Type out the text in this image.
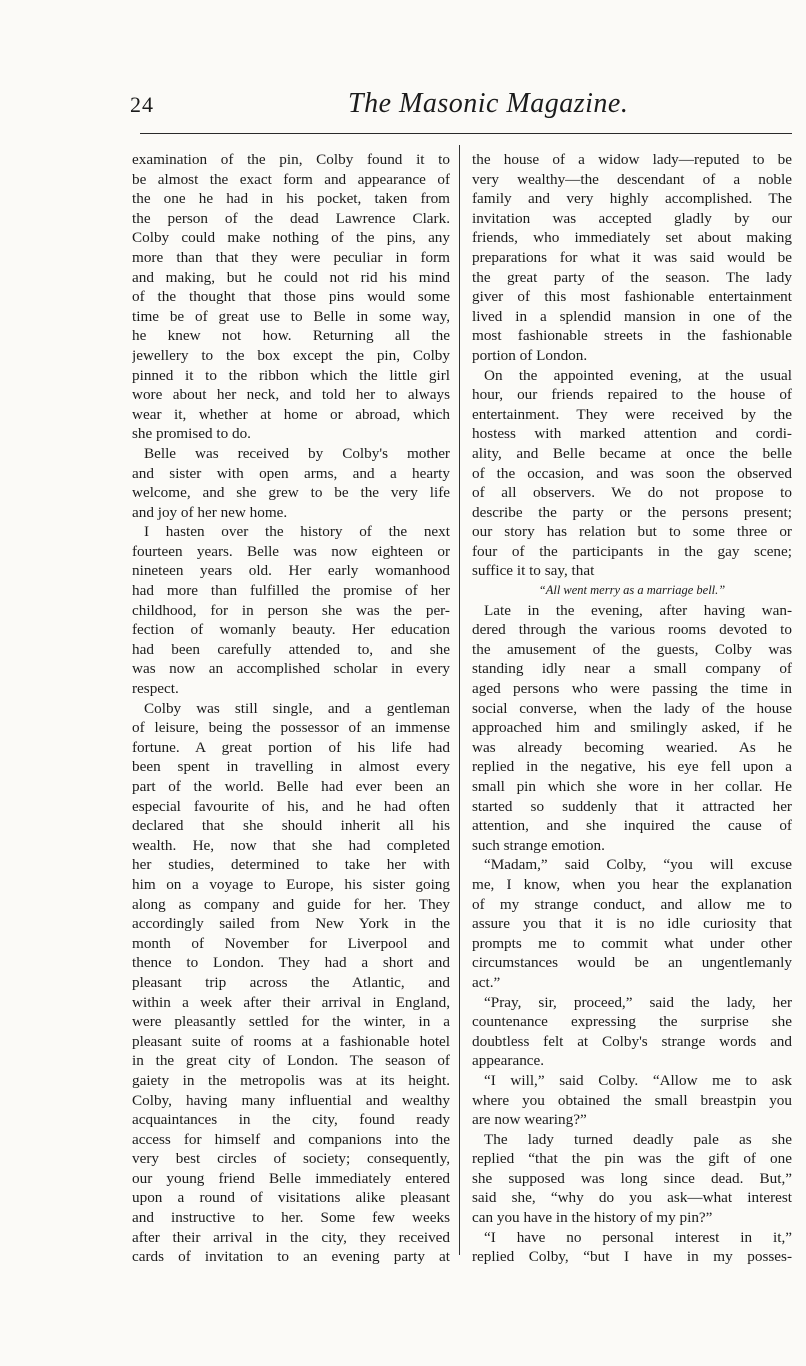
24	The Masonic Magazine.
examination of the pin, Colby found it to
be almost the exact form and appearance of
the one he had in his pocket, taken from
the person of the dead Lawrence Clark.
Colby could make nothing of the pins, any
more than that they were peculiar in form
and making, but he could not rid his mind
of the thought that those pins would some
time be of great use to Belle in some way,
he knew not how. Returning all the
jewellery to the box except the pin, Colby
pinned it to the ribbon which the little girl
wore about her neck, and told her to always
wear it, whether at home or abroad, which
she promised to do.
Belle was received by Colby's mother
and sister with open arms, and a hearty
welcome, and she grew to be the very life
and joy of her new home.
I hasten over the history of the next
fourteen years. Belle was now eighteen or
nineteen years old. Her early womanhood
had more than fulfilled the promise of her
childhood, for in person she was the per-
fection of womanly beauty. Her education
had been carefully attended to, and she
was now an accomplished scholar in every
respect.
Colby was still single, and a gentleman
of leisure, being the possessor of an immense
fortune. A great portion of his life had
been spent in travelling in almost every
part of the world. Belle had ever been an
especial favourite of his, and he had often
declared that she should inherit all his
wealth. He, now that she had completed
her studies, determined to take her with
him on a voyage to Europe, his sister going
along as company and guide for her. They
accordingly sailed from New York in the
month of November for Liverpool and
thence to London. They had a short and
pleasant trip across the Atlantic, and
within a week after their arrival in England,
were pleasantly settled for the winter, in a
pleasant suite of rooms at a fashionable hotel
in the great city of London. The season of
gaiety in the metropolis was at its height.
Colby, having many influential and wealthy
acquaintances in the city, found ready
access for himself and companions into the
very best circles of society; consequently,
our young friend Belle immediately entered
upon a round of visitations alike pleasant
and instructive to her. Some few weeks
after their arrival in the city, they received
cards of invitation to an evening party at
the house of a widow lady—reputed to be
very wealthy—the descendant of a noble
family and very highly accomplished. The
invitation was accepted gladly by our
friends, who immediately set about making
preparations for what it was said would be
the great party of the season. The lady
giver of this most fashionable entertainment
lived in a splendid mansion in one of the
most fashionable streets in the fashionable
portion of London.
On the appointed evening, at the usual
hour, our friends repaired to the house of
entertainment. They were received by the
hostess with marked attention and cordi-
ality, and Belle became at once the belle
of the occasion, and was soon the observed
of all observers. We do not propose to
describe the party or the persons present;
our story has relation but to some three or
four of the participants in the gay scene;
suffice it to say, that
“All went merry as a marriage bell.”
Late in the evening, after having wan-
dered through the various rooms devoted to
the amusement of the guests, Colby was
standing idly near a small company of
aged persons who were passing the time in
social converse, when the lady of the house
approached him and smilingly asked, if he
was already becoming wearied. As he
replied in the negative, his eye fell upon a
small pin which she wore in her collar. He
started so suddenly that it attracted her
attention, and she inquired the cause of
such strange emotion.
“Madam,” said Colby, “you will excuse
me, I know, when you hear the explanation
of my strange conduct, and allow me to
assure you that it is no idle curiosity that
prompts me to commit what under other
circumstances would be an ungentlemanly
act.”
“Pray, sir, proceed,” said the lady, her
countenance expressing the surprise she
doubtless felt at Colby's strange words and
appearance.
“I will,” said Colby. “Allow me to ask
where you obtained the small breastpin you
are now wearing?”
The lady turned deadly pale as she
replied “that the pin was the gift of one
she supposed was long since dead. But,”
said she, “why do you ask—what interest
can you have in the history of my pin?”
“I have no personal interest in it,”
replied Colby, “but I have in my posses-
